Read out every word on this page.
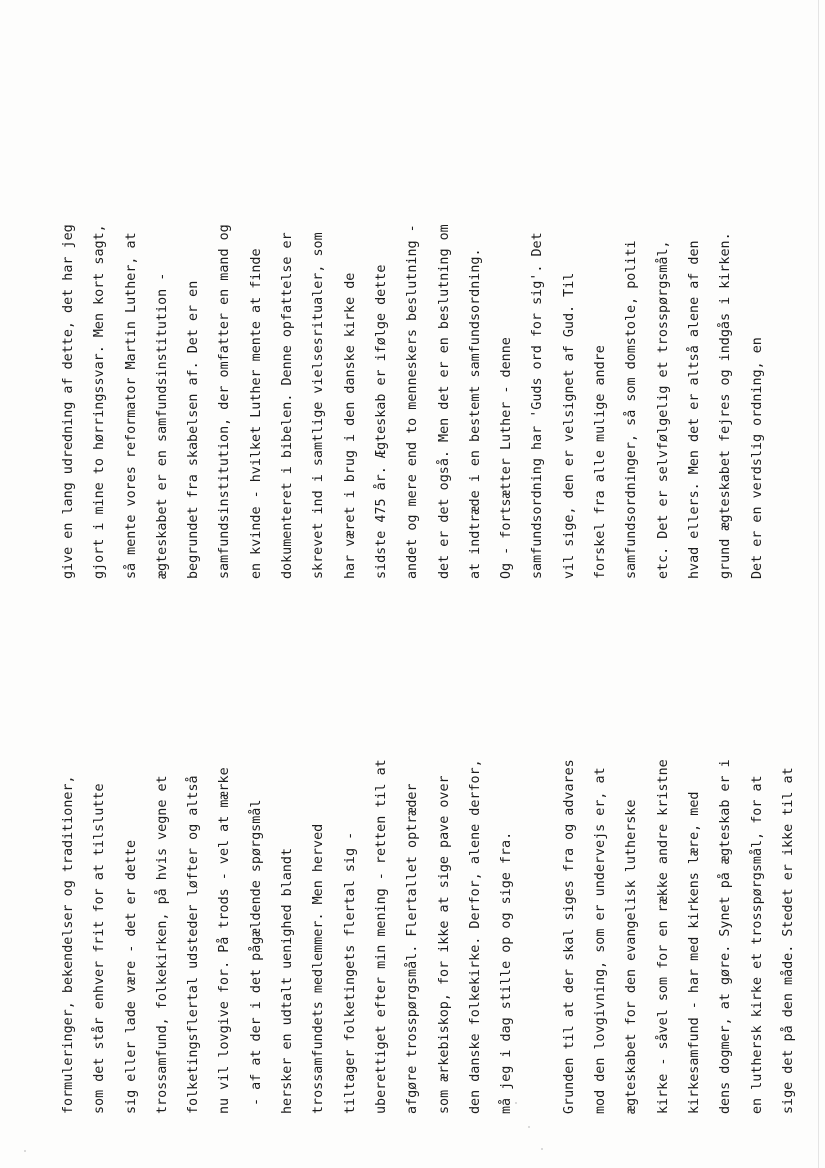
formuleringer, bekendelser og traditioner,	som det står enhver frit for at tilslutte	sig eller lade være - det er dette	trossamfund, folkekirken, på hvis vegne et	folketingsflertal udsteder løfter og altså	nu vil lovgive for. På trods - vel at mærke	- af at der i det pågældende spørgsmål	hersker en udtalt uenighed blandt	trossamfundets medlemmer. Men herved	tiltager folketingets flertal sig -	uberettiget efter min mening - retten til at	afgøre trosspørgsmål. Flertallet optræder	som ærkebiskop, for ikke at sige pave over	den danske folkekirke. Derfor, alene derfor,	må jeg i dag stille op og sige fra.	Grunden til at der skal siges fra og advares	mod den lovgivning, som er undervejs er, at	ægteskabet for den evangelisk lutherske	kirke - såvel som for en række andre kristne	kirkesamfund - har med kirkens lære, med	dens dogmer, at gøre. Synet på ægteskab er i	en luthersk kirke et trosspørgsmål, for at	sige det på den måde. Stedet er ikke til at
give en lang udredning af dette, det har jeg	gjort i mine to hørringssvar. Men kort sagt,	så mente vores reformator Martin Luther, at	ægteskabet er en samfundsinstitution -	begrundet fra skabelsen af. Det er en	samfundsinstitution, der omfatter en mand og	en kvinde - hvilket Luther mente at finde	dokumenteret i bibelen. Denne opfattelse er	skrevet ind i samtlige vielsesritualer, som	har været i brug i den danske kirke de	sidste 475 år. Ægteskab er ifølge dette	andet og mere end to menneskers beslutning -	det er det også. Men det er en beslutning om	at indtræde i en bestemt samfundsordning.	Og - fortsætter Luther - denne	samfundsordning har 'Guds ord for sig'. Det	vil sige, den er velsignet af Gud. Til	forskel fra alle mulige andre	samfundsordninger, så som domstole, politi	etc. Det er selvfølgelig et trosspørgsmål,	hvad ellers. Men det er altså alene af den	grund ægteskabet fejres og indgås i kirken.	Det er en verdslig ordning, en
